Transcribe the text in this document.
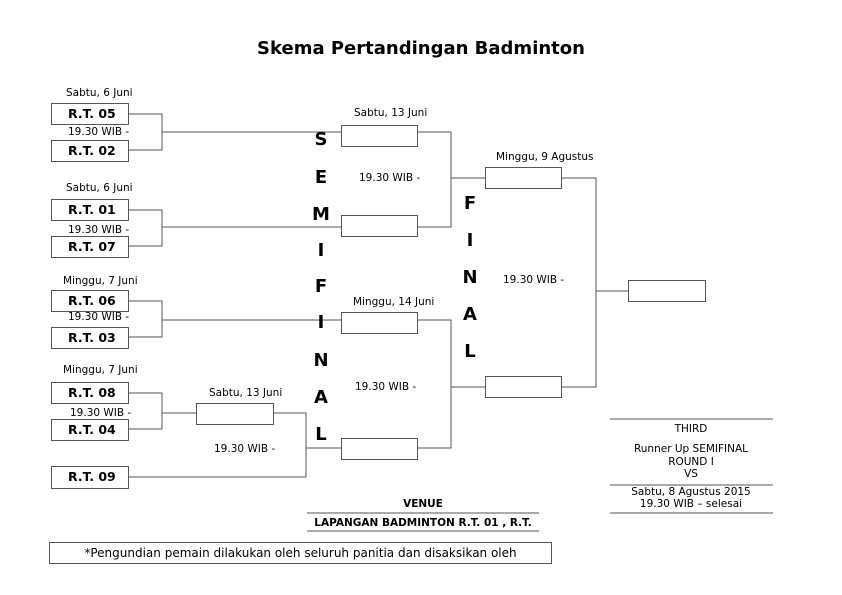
Skema Pertandingan Badminton
Sabtu, 6 Juni
R.T. 05
19.30 WIB -
R.T. 02
Sabtu, 6 Juni
R.T. 01
19.30 WIB -
R.T. 07
Minggu, 7 Juni
R.T. 06
19.30 WIB -
R.T. 03
Minggu, 7 Juni
R.T. 08
19.30 WIB -
R.T. 04
R.T. 09
Sabtu, 13 Juni
19.30 WIB -
S
E
M
I
F
I
N
A
L
Sabtu, 13 Juni
19.30 WIB -
Minggu, 14 Juni
19.30 WIB -
F
I
N
A
L
Minggu, 9 Agustus
19.30 WIB -
THIRD
Runner Up SEMIFINAL
ROUND I
VS
Sabtu, 8 Agustus 2015
19.30 WIB – selesai
VENUE
LAPANGAN BADMINTON R.T. 01 , R.T.
*Pengundian pemain dilakukan oleh seluruh panitia dan disaksikan oleh
